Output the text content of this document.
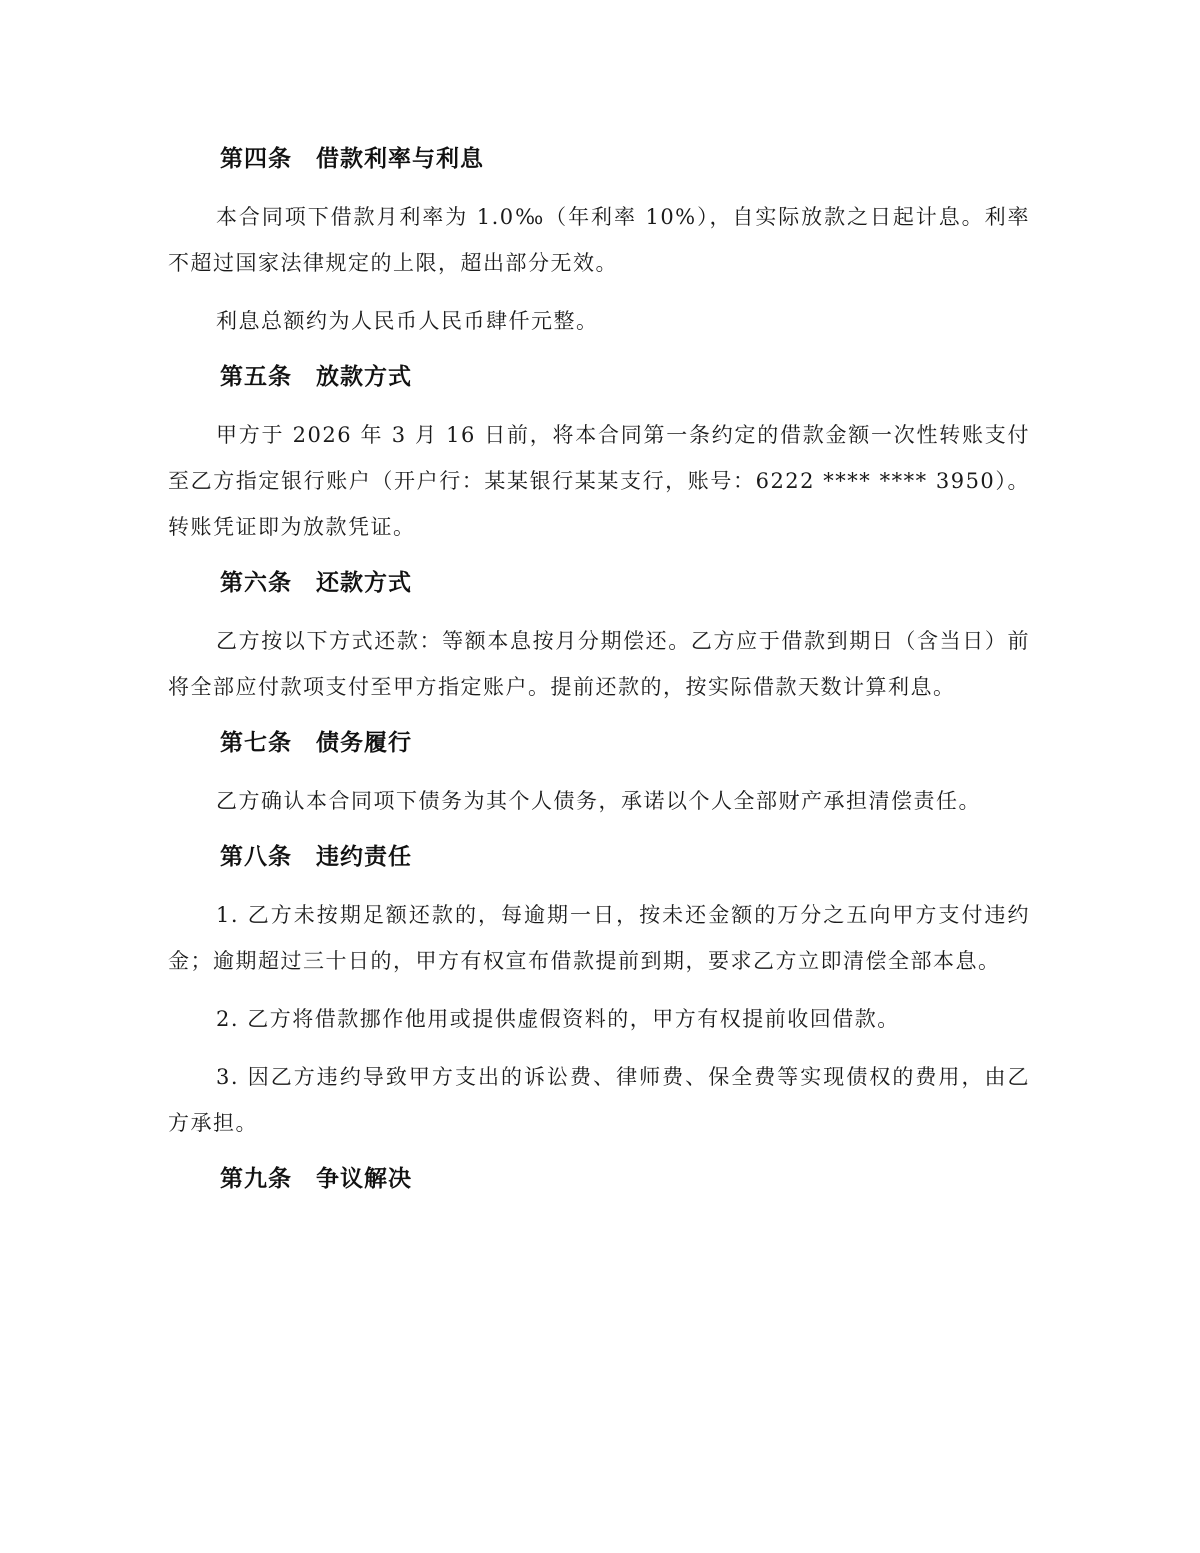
第四条　借款利率与利息

本合同项下借款月利率为 1.0‰（年利率 10%），自实际放款之日起计息。利率不超过国家法律规定的上限，超出部分无效。

利息总额约为人民币人民币肆仟元整。

第五条　放款方式

甲方于 2026 年 3 月 16 日前，将本合同第一条约定的借款金额一次性转账支付至乙方指定银行账户（开户行：某某银行某某支行，账号：6222 **** **** 3950）。转账凭证即为放款凭证。

第六条　还款方式

乙方按以下方式还款：等额本息按月分期偿还。乙方应于借款到期日（含当日）前将全部应付款项支付至甲方指定账户。提前还款的，按实际借款天数计算利息。

第七条　债务履行

乙方确认本合同项下债务为其个人债务，承诺以个人全部财产承担清偿责任。

第八条　违约责任

1. 乙方未按期足额还款的，每逾期一日，按未还金额的万分之五向甲方支付违约金；逾期超过三十日的，甲方有权宣布借款提前到期，要求乙方立即清偿全部本息。

2. 乙方将借款挪作他用或提供虚假资料的，甲方有权提前收回借款。

3. 因乙方违约导致甲方支出的诉讼费、律师费、保全费等实现债权的费用，由乙方承担。

第九条　争议解决
